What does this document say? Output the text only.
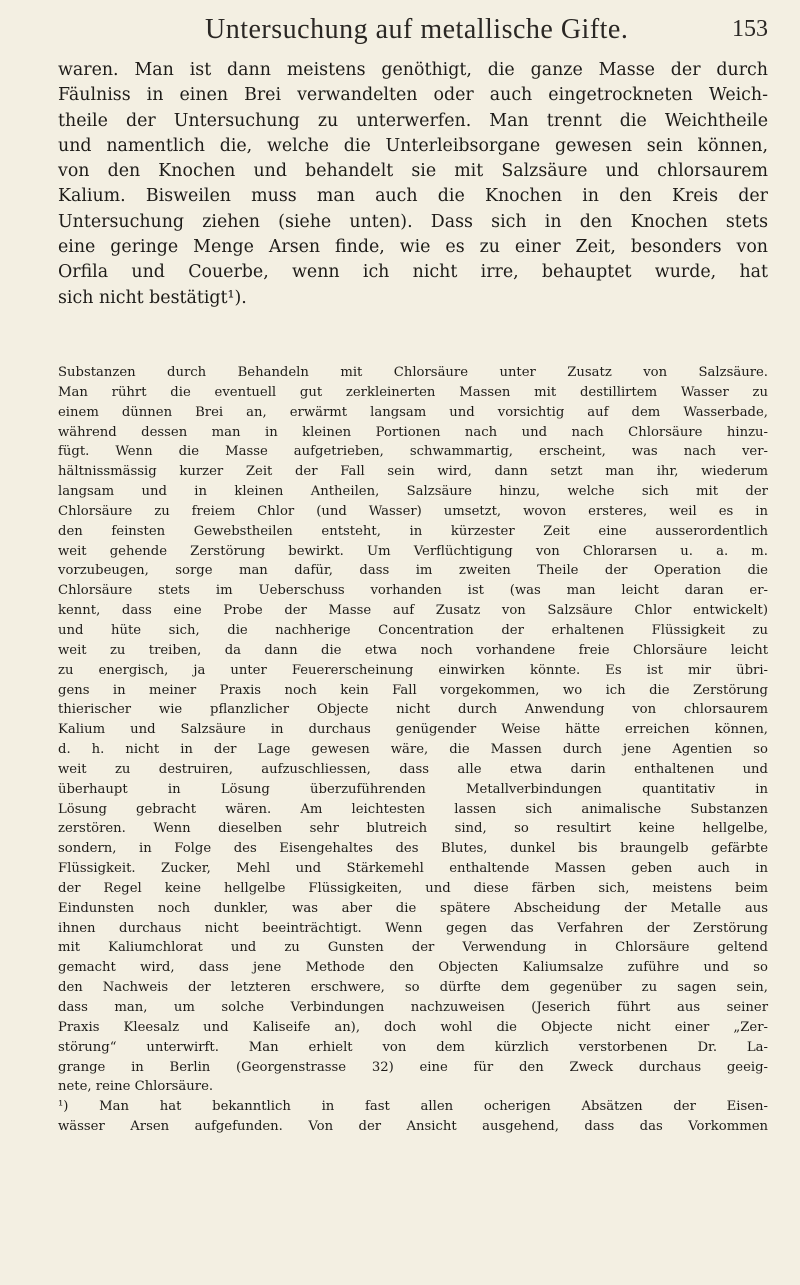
Untersuchung auf metallische Gifte.	153

waren. Man ist dann meistens genöthigt, die ganze Masse der durch
Fäulniss in einen Brei verwandelten oder auch eingetrockneten Weich-
theile der Untersuchung zu unterwerfen. Man trennt die Weichtheile
und namentlich die, welche die Unterleibsorgane gewesen sein können,
von den Knochen und behandelt sie mit Salzsäure und chlorsaurem
Kalium. Bisweilen muss man auch die Knochen in den Kreis der
Untersuchung ziehen (siehe unten). Dass sich in den Knochen stets
eine geringe Menge Arsen finde, wie es zu einer Zeit, besonders von
Orfila und Couerbe, wenn ich nicht irre, behauptet wurde, hat
sich nicht bestätigt¹).

Substanzen durch Behandeln mit Chlorsäure unter Zusatz von Salzsäure.
Man rührt die eventuell gut zerkleinerten Massen mit destillirtem Wasser zu
einem dünnen Brei an, erwärmt langsam und vorsichtig auf dem Wasserbade,
während dessen man in kleinen Portionen nach und nach Chlorsäure hinzu-
fügt. Wenn die Masse aufgetrieben, schwammartig, erscheint, was nach ver-
hältnissmässig kurzer Zeit der Fall sein wird, dann setzt man ihr, wiederum
langsam und in kleinen Antheilen, Salzsäure hinzu, welche sich mit der
Chlorsäure zu freiem Chlor (und Wasser) umsetzt, wovon ersteres, weil es in
den feinsten Gewebstheilen entsteht, in kürzester Zeit eine ausserordentlich
weit gehende Zerstörung bewirkt. Um Verflüchtigung von Chlorarsen u. a. m.
vorzubeugen, sorge man dafür, dass im zweiten Theile der Operation die
Chlorsäure stets im Ueberschuss vorhanden ist (was man leicht daran er-
kennt, dass eine Probe der Masse auf Zusatz von Salzsäure Chlor entwickelt)
und hüte sich, die nachherige Concentration der erhaltenen Flüssigkeit zu
weit zu treiben, da dann die etwa noch vorhandene freie Chlorsäure leicht
zu energisch, ja unter Feuererscheinung einwirken könnte. Es ist mir übri-
gens in meiner Praxis noch kein Fall vorgekommen, wo ich die Zerstörung
thierischer wie pflanzlicher Objecte nicht durch Anwendung von chlorsaurem
Kalium und Salzsäure in durchaus genügender Weise hätte erreichen können,
d. h. nicht in der Lage gewesen wäre, die Massen durch jene Agentien so
weit zu destruiren, aufzuschliessen, dass alle etwa darin enthaltenen und
überhaupt in Lösung überzuführenden Metallverbindungen quantitativ in
Lösung gebracht wären. Am leichtesten lassen sich animalische Substanzen
zerstören. Wenn dieselben sehr blutreich sind, so resultirt keine hellgelbe,
sondern, in Folge des Eisengehaltes des Blutes, dunkel bis braungelb gefärbte
Flüssigkeit. Zucker, Mehl und Stärkemehl enthaltende Massen geben auch in
der Regel keine hellgelbe Flüssigkeiten, und diese färben sich, meistens beim
Eindunsten noch dunkler, was aber die spätere Abscheidung der Metalle aus
ihnen durchaus nicht beeinträchtigt. Wenn gegen das Verfahren der Zerstörung
mit Kaliumchlorat und zu Gunsten der Verwendung in Chlorsäure geltend
gemacht wird, dass jene Methode den Objecten Kaliumsalze zuführe und so
den Nachweis der letzteren erschwere, so dürfte dem gegenüber zu sagen sein,
dass man, um solche Verbindungen nachzuweisen (Jeserich führt aus seiner
Praxis Kleesalz und Kaliseife an), doch wohl die Objecte nicht einer „Zer-
störung“ unterwirft. Man erhielt von dem kürzlich verstorbenen Dr. La-
grange in Berlin (Georgenstrasse 32) eine für den Zweck durchaus geeig-
nete, reine Chlorsäure.

¹) Man hat bekanntlich in fast allen ocherigen Absätzen der Eisen-
wässer Arsen aufgefunden. Von der Ansicht ausgehend, dass das Vorkommen
